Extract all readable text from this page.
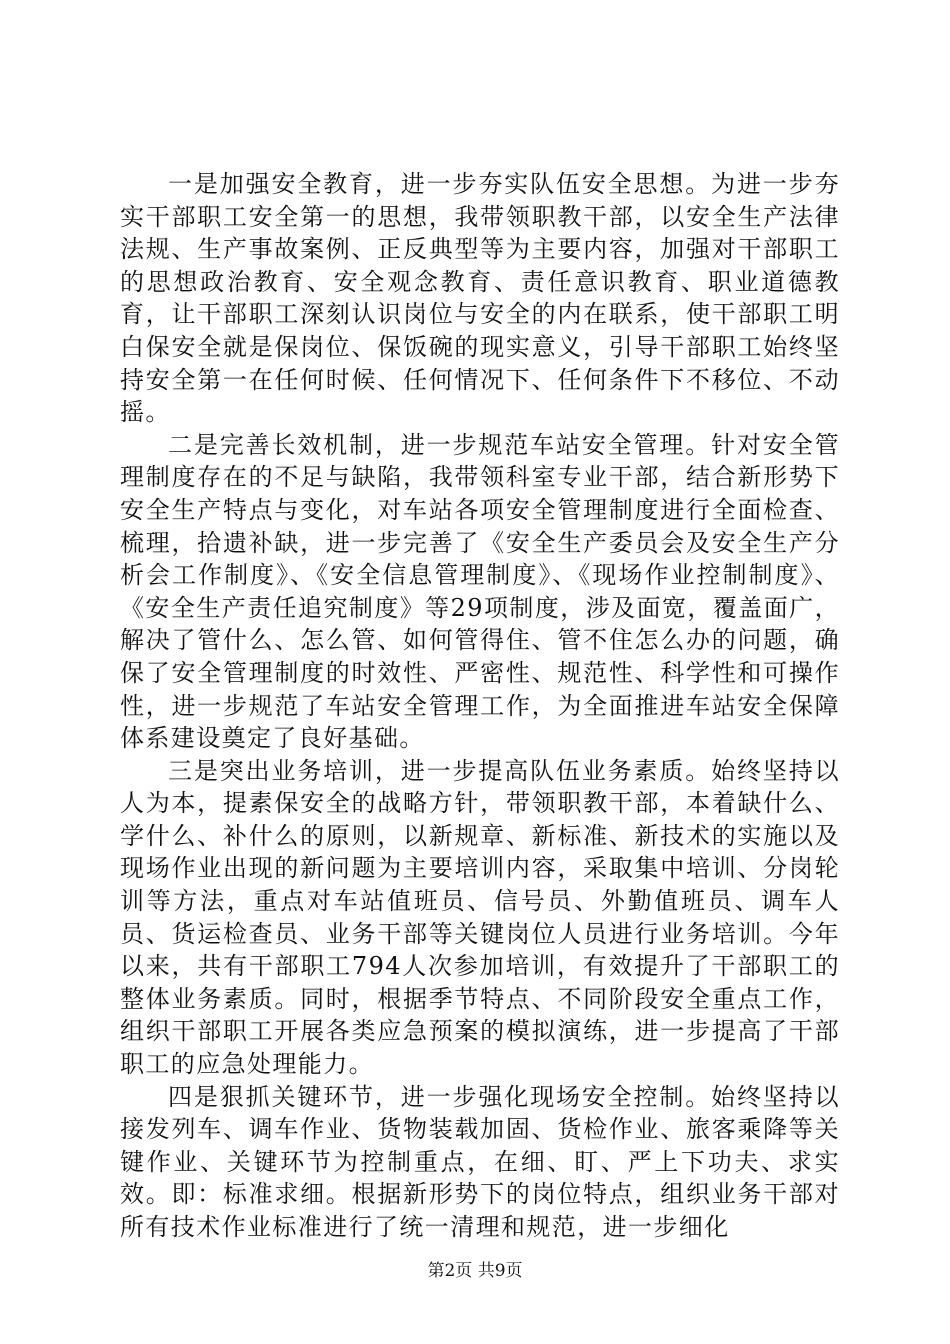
一是加强安全教育，进一步夯实队伍安全思想。为进一步夯实干部职工安全第一的思想，我带领职教干部，以安全生产法律法规、生产事故案例、正反典型等为主要内容，加强对干部职工的思想政治教育、安全观念教育、责任意识教育、职业道德教育，让干部职工深刻认识岗位与安全的内在联系，使干部职工明白保安全就是保岗位、保饭碗的现实意义，引导干部职工始终坚持安全第一在任何时候、任何情况下、任何条件下不移位、不动摇。

二是完善长效机制，进一步规范车站安全管理。针对安全管理制度存在的不足与缺陷，我带领科室专业干部，结合新形势下安全生产特点与变化，对车站各项安全管理制度进行全面检查、梳理，拾遗补缺，进一步完善了《安全生产委员会及安全生产分析会工作制度》、《安全信息管理制度》、《现场作业控制制度》、《安全生产责任追究制度》等29项制度，涉及面宽，覆盖面广，解决了管什么、怎么管、如何管得住、管不住怎么办的问题，确保了安全管理制度的时效性、严密性、规范性、科学性和可操作性，进一步规范了车站安全管理工作，为全面推进车站安全保障体系建设奠定了良好基础。

三是突出业务培训，进一步提高队伍业务素质。始终坚持以人为本，提素保安全的战略方针，带领职教干部，本着缺什么、学什么、补什么的原则，以新规章、新标准、新技术的实施以及现场作业出现的新问题为主要培训内容，采取集中培训、分岗轮训等方法，重点对车站值班员、信号员、外勤值班员、调车人员、货运检查员、业务干部等关键岗位人员进行业务培训。今年以来，共有干部职工794人次参加培训，有效提升了干部职工的整体业务素质。同时，根据季节特点、不同阶段安全重点工作，组织干部职工开展各类应急预案的模拟演练，进一步提高了干部职工的应急处理能力。

四是狠抓关键环节，进一步强化现场安全控制。始终坚持以接发列车、调车作业、货物装载加固、货检作业、旅客乘降等关键作业、关键环节为控制重点，在细、盯、严上下功夫、求实效。即：标准求细。根据新形势下的岗位特点，组织业务干部对所有技术作业标准进行了统一清理和规范，进一步细化

第2页 共9页
